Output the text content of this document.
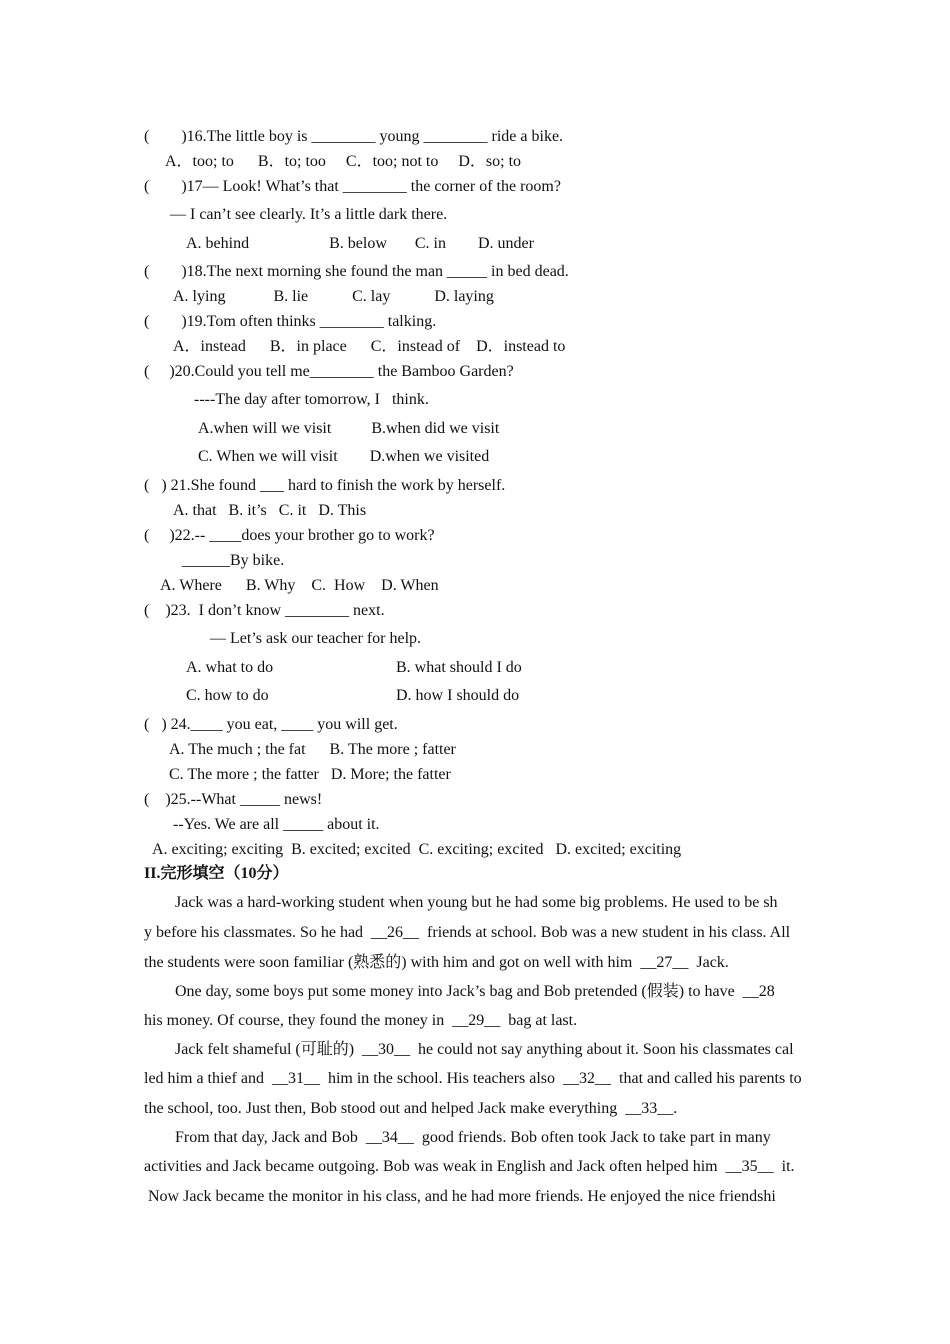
(        )16.The little boy is ________ young ________ ride a bike.
A．too; to      B．to; too     C．too; not to     D．so; to
(        )17— Look! What’s that ________ the corner of the room?
— I can’t see clearly. It’s a little dark there.
A. behind                    B. below       C. in        D. under
(        )18.The next morning she found the man _____ in bed dead.
A. lying            B. lie           C. lay           D. laying
(        )19.Tom often thinks ________ talking.
A．instead      B．in place      C．instead of    D．instead to
(     )20.Could you tell me________ the Bamboo Garden?
----The day after tomorrow, I   think.
A.when will we visit          B.when did we visit
C. When we will visit        D.when we visited
(   ) 21.She found ___ hard to finish the work by herself.
A. that   B. it’s   C. it   D. This
(     )22.-- ____does your brother go to work?
______By bike.
A. Where      B. Why    C.  How    D. When
(    )23.  I don’t know ________ next.
— Let’s ask our teacher for help.
A. what to do	B. what should I do
C. how to do	D. how I should do
(   ) 24.____ you eat, ____ you will get.
A. The much ; the fat      B. The more ; fatter
C. The more ; the fatter   D. More; the fatter
(    )25.--What _____ news!
--Yes. We are all _____ about it.
A. exciting; exciting  B. excited; excited  C. exciting; excited   D. excited; exciting
II.完形填空（10分）
Jack was a hard-working student when young but he had some big problems. He used to be sh
y before his classmates. So he had  __26__  friends at school. Bob was a new student in his class. All
the students were soon familiar (熟悉的) with him and got on well with him  __27__  Jack.
One day, some boys put some money into Jack’s bag and Bob pretended (假装) to have  __28
his money. Of course, they found the money in  __29__  bag at last.
Jack felt shameful (可耻的)  __30__  he could not say anything about it. Soon his classmates cal
led him a thief and  __31__  him in the school. His teachers also  __32__  that and called his parents to
the school, too. Just then, Bob stood out and helped Jack make everything  __33__.
From that day, Jack and Bob  __34__  good friends. Bob often took Jack to take part in many
activities and Jack became outgoing. Bob was weak in English and Jack often helped him  __35__  it.
Now Jack became the monitor in his class, and he had more friends. He enjoyed the nice friendshi
